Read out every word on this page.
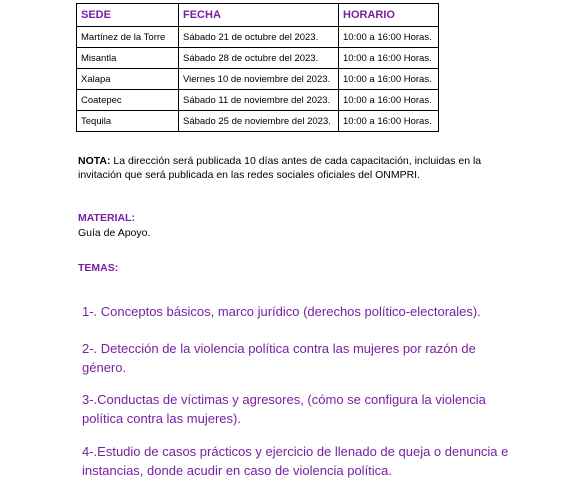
SEDE	FECHA	HORARIO
Martínez de la Torre	Sábado 21 de octubre del 2023.	10:00 a 16:00 Horas.
Misantla	Sábado 28 de octubre del 2023.	10:00 a 16:00 Horas.
Xalapa	Viernes 10 de noviembre del 2023.	10:00 a 16:00 Horas.
Coatepec	Sábado 11 de noviembre del 2023.	10:00 a 16:00 Horas.
Tequila	Sábado 25 de noviembre del 2023.	10:00 a 16:00 Horas.
NOTA: La dirección será publicada 10 días antes de cada capacitación, incluidas en la invitación que será publicada en las redes sociales oficiales del ONMPRI.
MATERIAL:
Guía de Apoyo.
TEMAS:
1-. Conceptos básicos, marco jurídico (derechos político-electorales).
2-. Detección de la violencia política contra las mujeres por razón de género.
3-.Conductas de víctimas y agresores, (cómo se configura la violencia política contra las mujeres).
4-.Estudio de casos prácticos y ejercicio de llenado de queja o denuncia e instancias, donde acudir en caso de violencia política.
